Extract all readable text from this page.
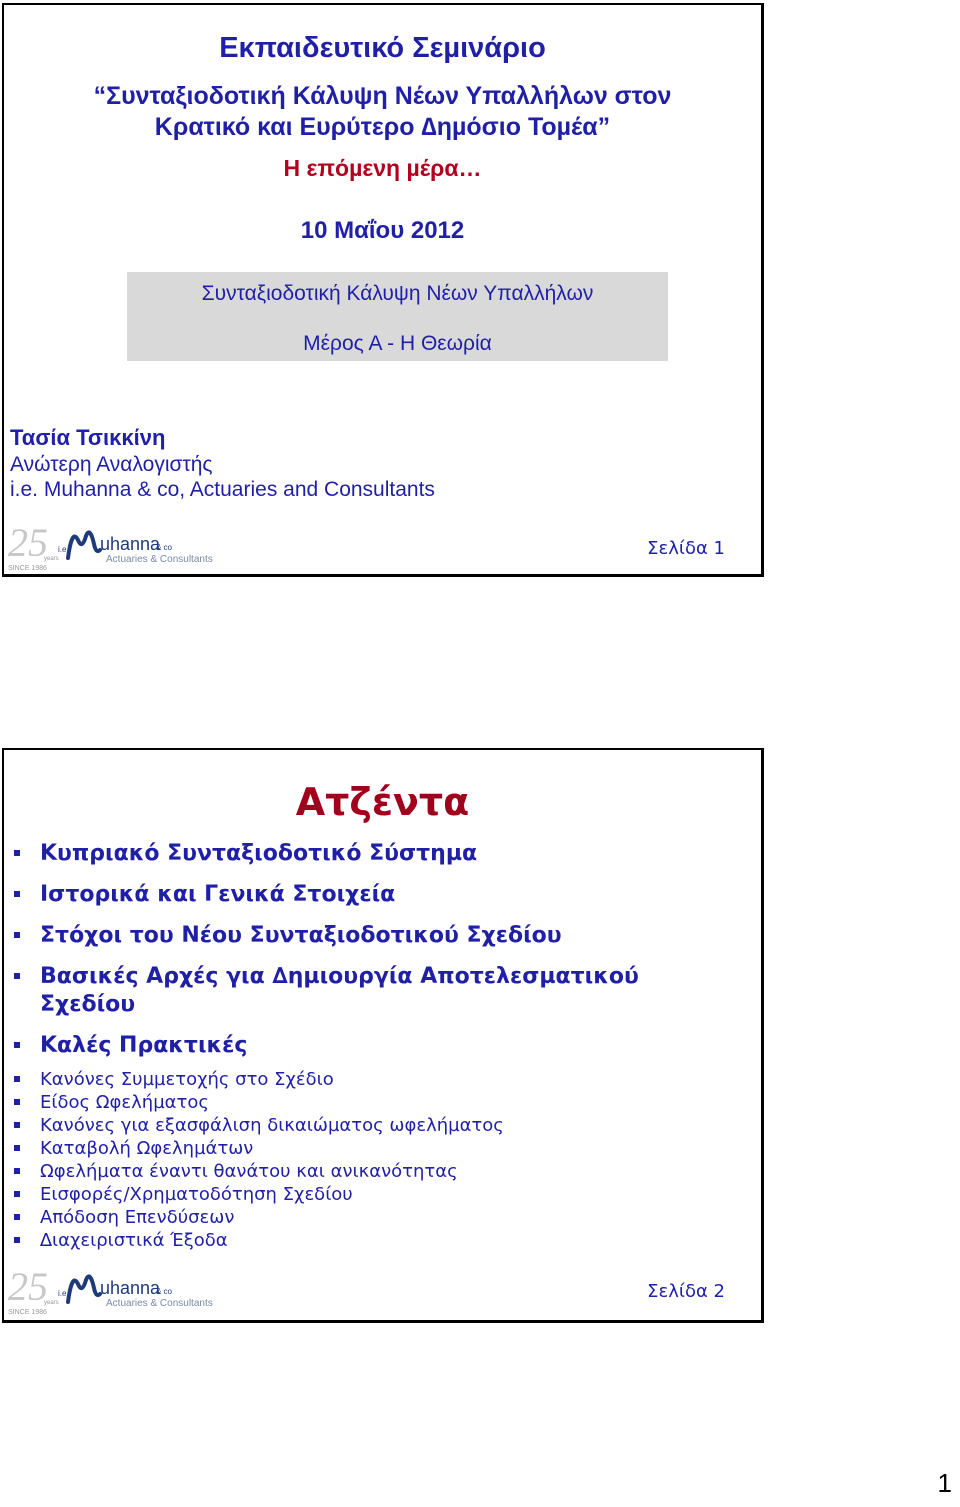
Εκπαιδευτικό Σεµινάριο
“Συνταξιοδοτική Κάλυψη Νέων Υπαλλήλων στον
Κρατικό και Ευρύτερο ∆ηµόσιο Τοµέα”
Η επόµενη µέρα…
10 Μαΐου 2012
Συνταξιοδοτική Κάλυψη Νέων Υπαλλήλων
Μέρος Α - Η Θεωρία
Τασία Τσικκίνη
Ανώτερη Αναλογιστής
i.e. Muhanna & co, Actuaries and Consultants
25
years
SINCE 1986
i.e. uhanna
& co
Actuaries & Consultants
Σελίδα 1
Ατζέντα
Κυπριακό Συνταξιοδοτικό Σύστηµα
Ιστορικά και Γενικά Στοιχεία
Στόχοι του Νέου Συνταξιοδοτικού Σχεδίου
Βασικές Αρχές για ∆ηµιουργία Αποτελεσµατικού Σχεδίου
Καλές Πρακτικές
Κανόνες Συµµετοχής στο Σχέδιο
Είδος Ωφελήµατος
Κανόνες για εξασφάλιση δικαιώµατος ωφελήµατος
Καταβολή Ωφεληµάτων
Ωφελήµατα έναντι θανάτου και ανικανότητας
Εισφορές/Χρηµατοδότηση Σχεδίου
Απόδοση Επενδύσεων
∆ιαχειριστικά Έξοδα
25
years
SINCE 1986
i.e. uhanna
& co
Actuaries & Consultants
Σελίδα 2
1
